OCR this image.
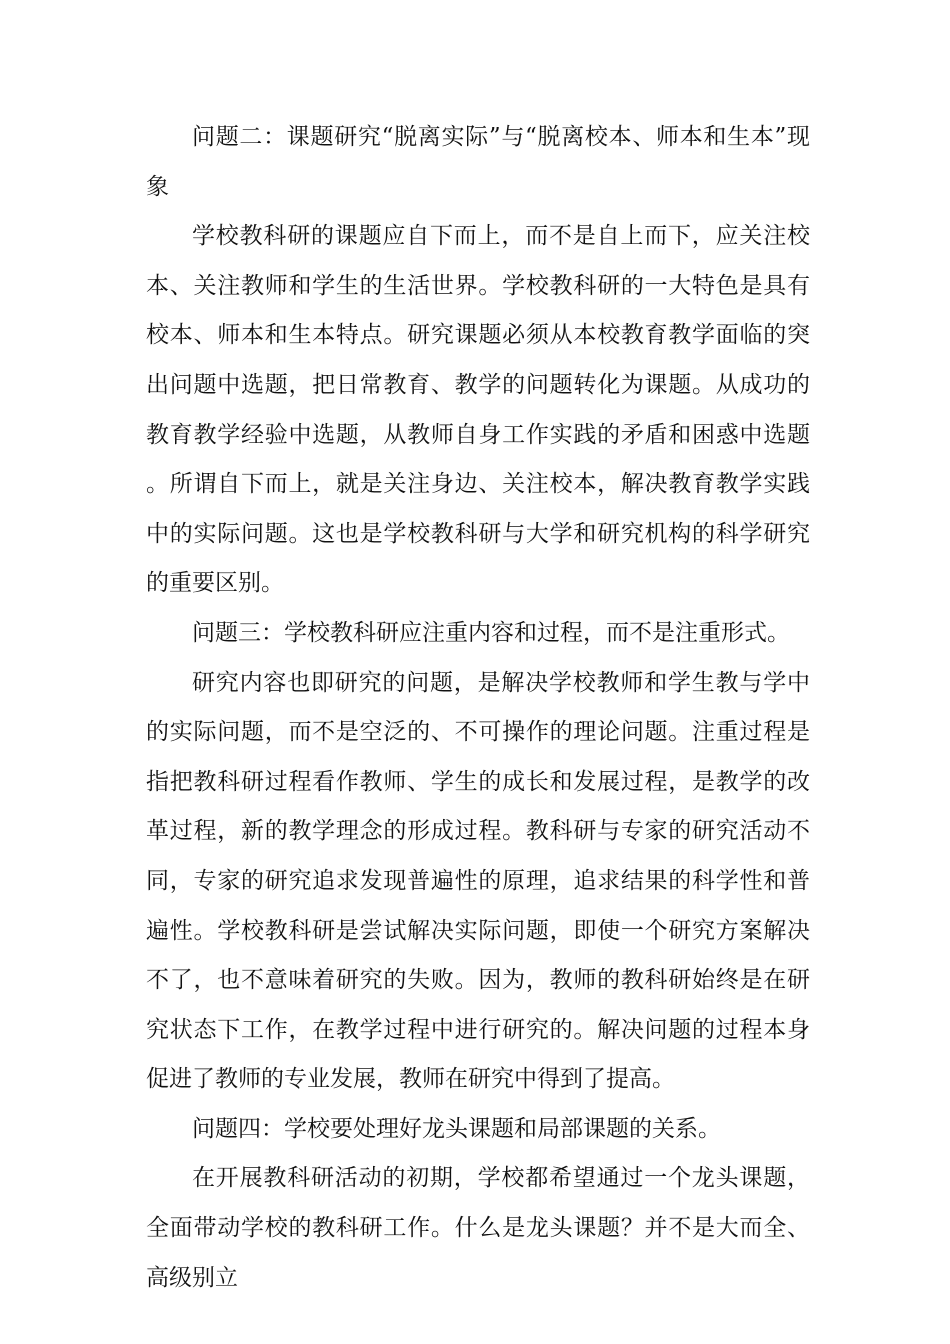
问题二：课题研究“脱离实际”与“脱离校本、师本和生本”现象

学校教科研的课题应自下而上，而不是自上而下，应关注校本、关注教师和学生的生活世界。学校教科研的一大特色是具有校本、师本和生本特点。研究课题必须从本校教育教学面临的突出问题中选题，把日常教育、教学的问题转化为课题。从成功的教育教学经验中选题，从教师自身工作实践的矛盾和困惑中选题。所谓自下而上，就是关注身边、关注校本，解决教育教学实践中的实际问题。这也是学校教科研与大学和研究机构的科学研究的重要区别。

问题三：学校教科研应注重内容和过程，而不是注重形式。

研究内容也即研究的问题，是解决学校教师和学生教与学中的实际问题，而不是空泛的、不可操作的理论问题。注重过程是指把教科研过程看作教师、学生的成长和发展过程，是教学的改革过程，新的教学理念的形成过程。教科研与专家的研究活动不同，专家的研究追求发现普遍性的原理，追求结果的科学性和普遍性。学校教科研是尝试解决实际问题，即使一个研究方案解决不了，也不意味着研究的失败。因为，教师的教科研始终是在研究状态下工作，在教学过程中进行研究的。解决问题的过程本身促进了教师的专业发展，教师在研究中得到了提高。

问题四：学校要处理好龙头课题和局部课题的关系。

在开展教科研活动的初期，学校都希望通过一个龙头课题，全面带动学校的教科研工作。什么是龙头课题？并不是大而全、高级别立
